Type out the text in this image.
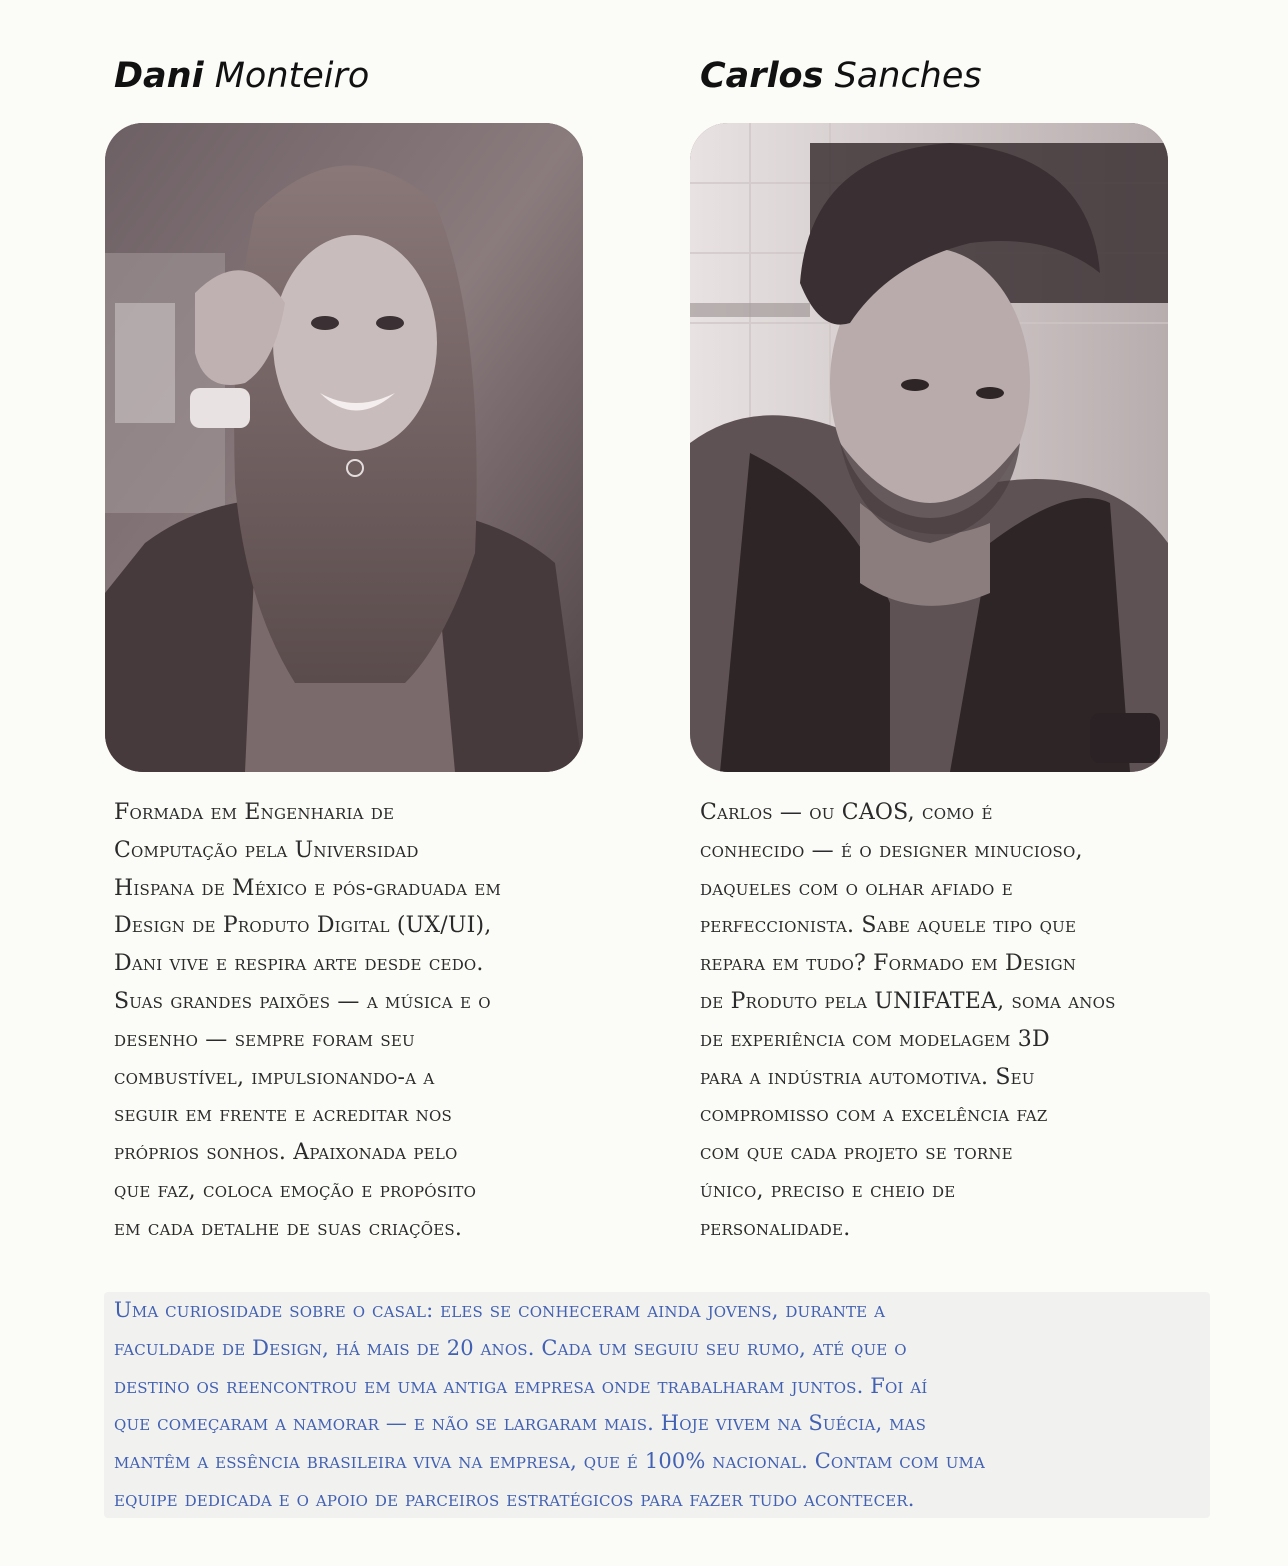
Dani Monteiro
Formada em Engenharia de
Computação pela Universidad
Hispana de México e pós-graduada em
Design de Produto Digital (UX/UI),
Dani vive e respira arte desde cedo.
Suas grandes paixões — a música e o
desenho — sempre foram seu
combustível, impulsionando-a a
seguir em frente e acreditar nos
próprios sonhos. Apaixonada pelo
que faz, coloca emoção e propósito
em cada detalhe de suas criações.
Carlos Sanches
Carlos — ou CAOS, como é
conhecido — é o designer minucioso,
daqueles com o olhar afiado e
perfeccionista. Sabe aquele tipo que
repara em tudo? Formado em Design
de Produto pela UNIFATEA, soma anos
de experiência com modelagem 3D
para a indústria automotiva. Seu
compromisso com a excelência faz
com que cada projeto se torne
único, preciso e cheio de
personalidade.
Uma curiosidade sobre o casal: eles se conheceram ainda jovens, durante a
faculdade de Design, há mais de 20 anos. Cada um seguiu seu rumo, até que o
destino os reencontrou em uma antiga empresa onde trabalharam juntos. Foi aí
que começaram a namorar — e não se largaram mais. Hoje vivem na Suécia, mas
mantêm a essência brasileira viva na empresa, que é 100% nacional. Contam com uma
equipe dedicada e o apoio de parceiros estratégicos para fazer tudo acontecer.
